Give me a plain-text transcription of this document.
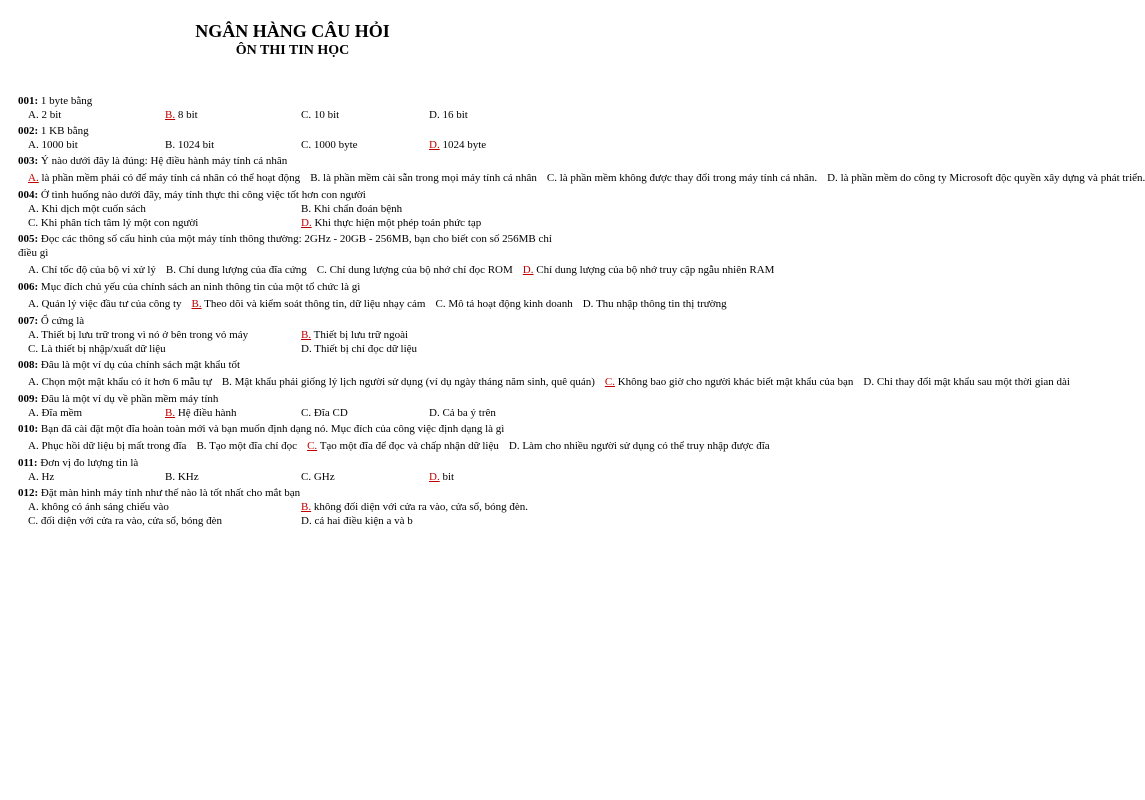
NGÂN HÀNG CÂU HỎI
ÔN THI TIN HỌC
001: 1 byte bằng
A. 2 bit	B. 8 bit	C. 10 bit	D. 16 bit
002: 1 KB bằng
A. 1000 bit	B. 1024 bit	C. 1000 byte	D. 1024 byte
003: Ý nào dưới đây là đúng: Hệ điều hành máy tính cá nhân
A. là phần mềm phải có để máy tính cá nhân có thể hoạt động B. là phần mềm cài sẵn trong mọi máy tính cá nhân C. là phần mềm không được thay đổi trong máy tính cá nhân. D. là phần mềm do công ty Microsoft độc quyền xây dựng và phát triển.
004: Ở tình huống nào dưới đây, máy tính thực thi công việc tốt hơn con người
A. Khi dịch một cuốn sách	B. Khi chẩn đoán bệnh
C. Khi phân tích tâm lý một con người	D. Khi thực hiện một phép toán phức tạp
005: Đọc các thông số cấu hình của một máy tính thông thường: 2GHz - 20GB - 256MB, bạn cho biết con số 256MB chỉ điều gì
A. Chỉ tốc độ của bộ vi xử lý B. Chỉ dung lượng của đĩa cứng C. Chỉ dung lượng của bộ nhớ chỉ đọc ROM D. Chỉ dung lượng của bộ nhớ truy cập ngẫu nhiên RAM
006: Mục đích chủ yếu của chính sách an ninh thông tin của một tổ chức là gì
A. Quản lý việc đầu tư của công ty B. Theo dõi và kiểm soát thông tin, dữ liệu nhạy cảm C. Mô tả hoạt động kinh doanh D. Thu nhập thông tin thị trường
007: Ổ cứng là
A. Thiết bị lưu trữ trong vì nó ở bên trong vỏ máy	B. Thiết bị lưu trữ ngoài
C. Là thiết bị nhập/xuất dữ liệu	D. Thiết bị chỉ đọc dữ liệu
008: Đâu là một ví dụ của chính sách mật khẩu tốt
A. Chọn một mật khẩu có ít hơn 6 mẫu tự B. Mật khẩu phải giống lý lịch người sử dụng (ví dụ ngày tháng năm sinh, quê quán) C. Không bao giờ cho người khác biết mật khẩu của bạn D. Chỉ thay đổi mật khẩu sau một thời gian dài
009: Đâu là một ví dụ về phần mềm máy tính
A. Đĩa mềm	B. Hệ điều hành	C. Đĩa CD	D. Cả ba ý trên
010: Bạn đã cài đặt một đĩa hoàn toàn mới và bạn muốn định dạng nó. Mục đích của công việc định dạng là gì
A. Phục hồi dữ liệu bị mất trong đĩa B. Tạo một đĩa chỉ đọc C. Tạo một đĩa để đọc và chấp nhận dữ liệu D. Làm cho nhiều người sử dụng có thể truy nhập được đĩa
011: Đơn vị đo lượng tin là
A. Hz	B. KHz	C. GHz	D. bit
012: Đặt màn hình máy tính như thế nào là tốt nhất cho mắt bạn
A. không có ánh sáng chiếu vào	B. không đối diện với cửa ra vào, cửa sổ, bóng đèn.
C. đối diện với cửa ra vào, cửa sổ, bóng đèn	D. cả hai điều kiện a và b
